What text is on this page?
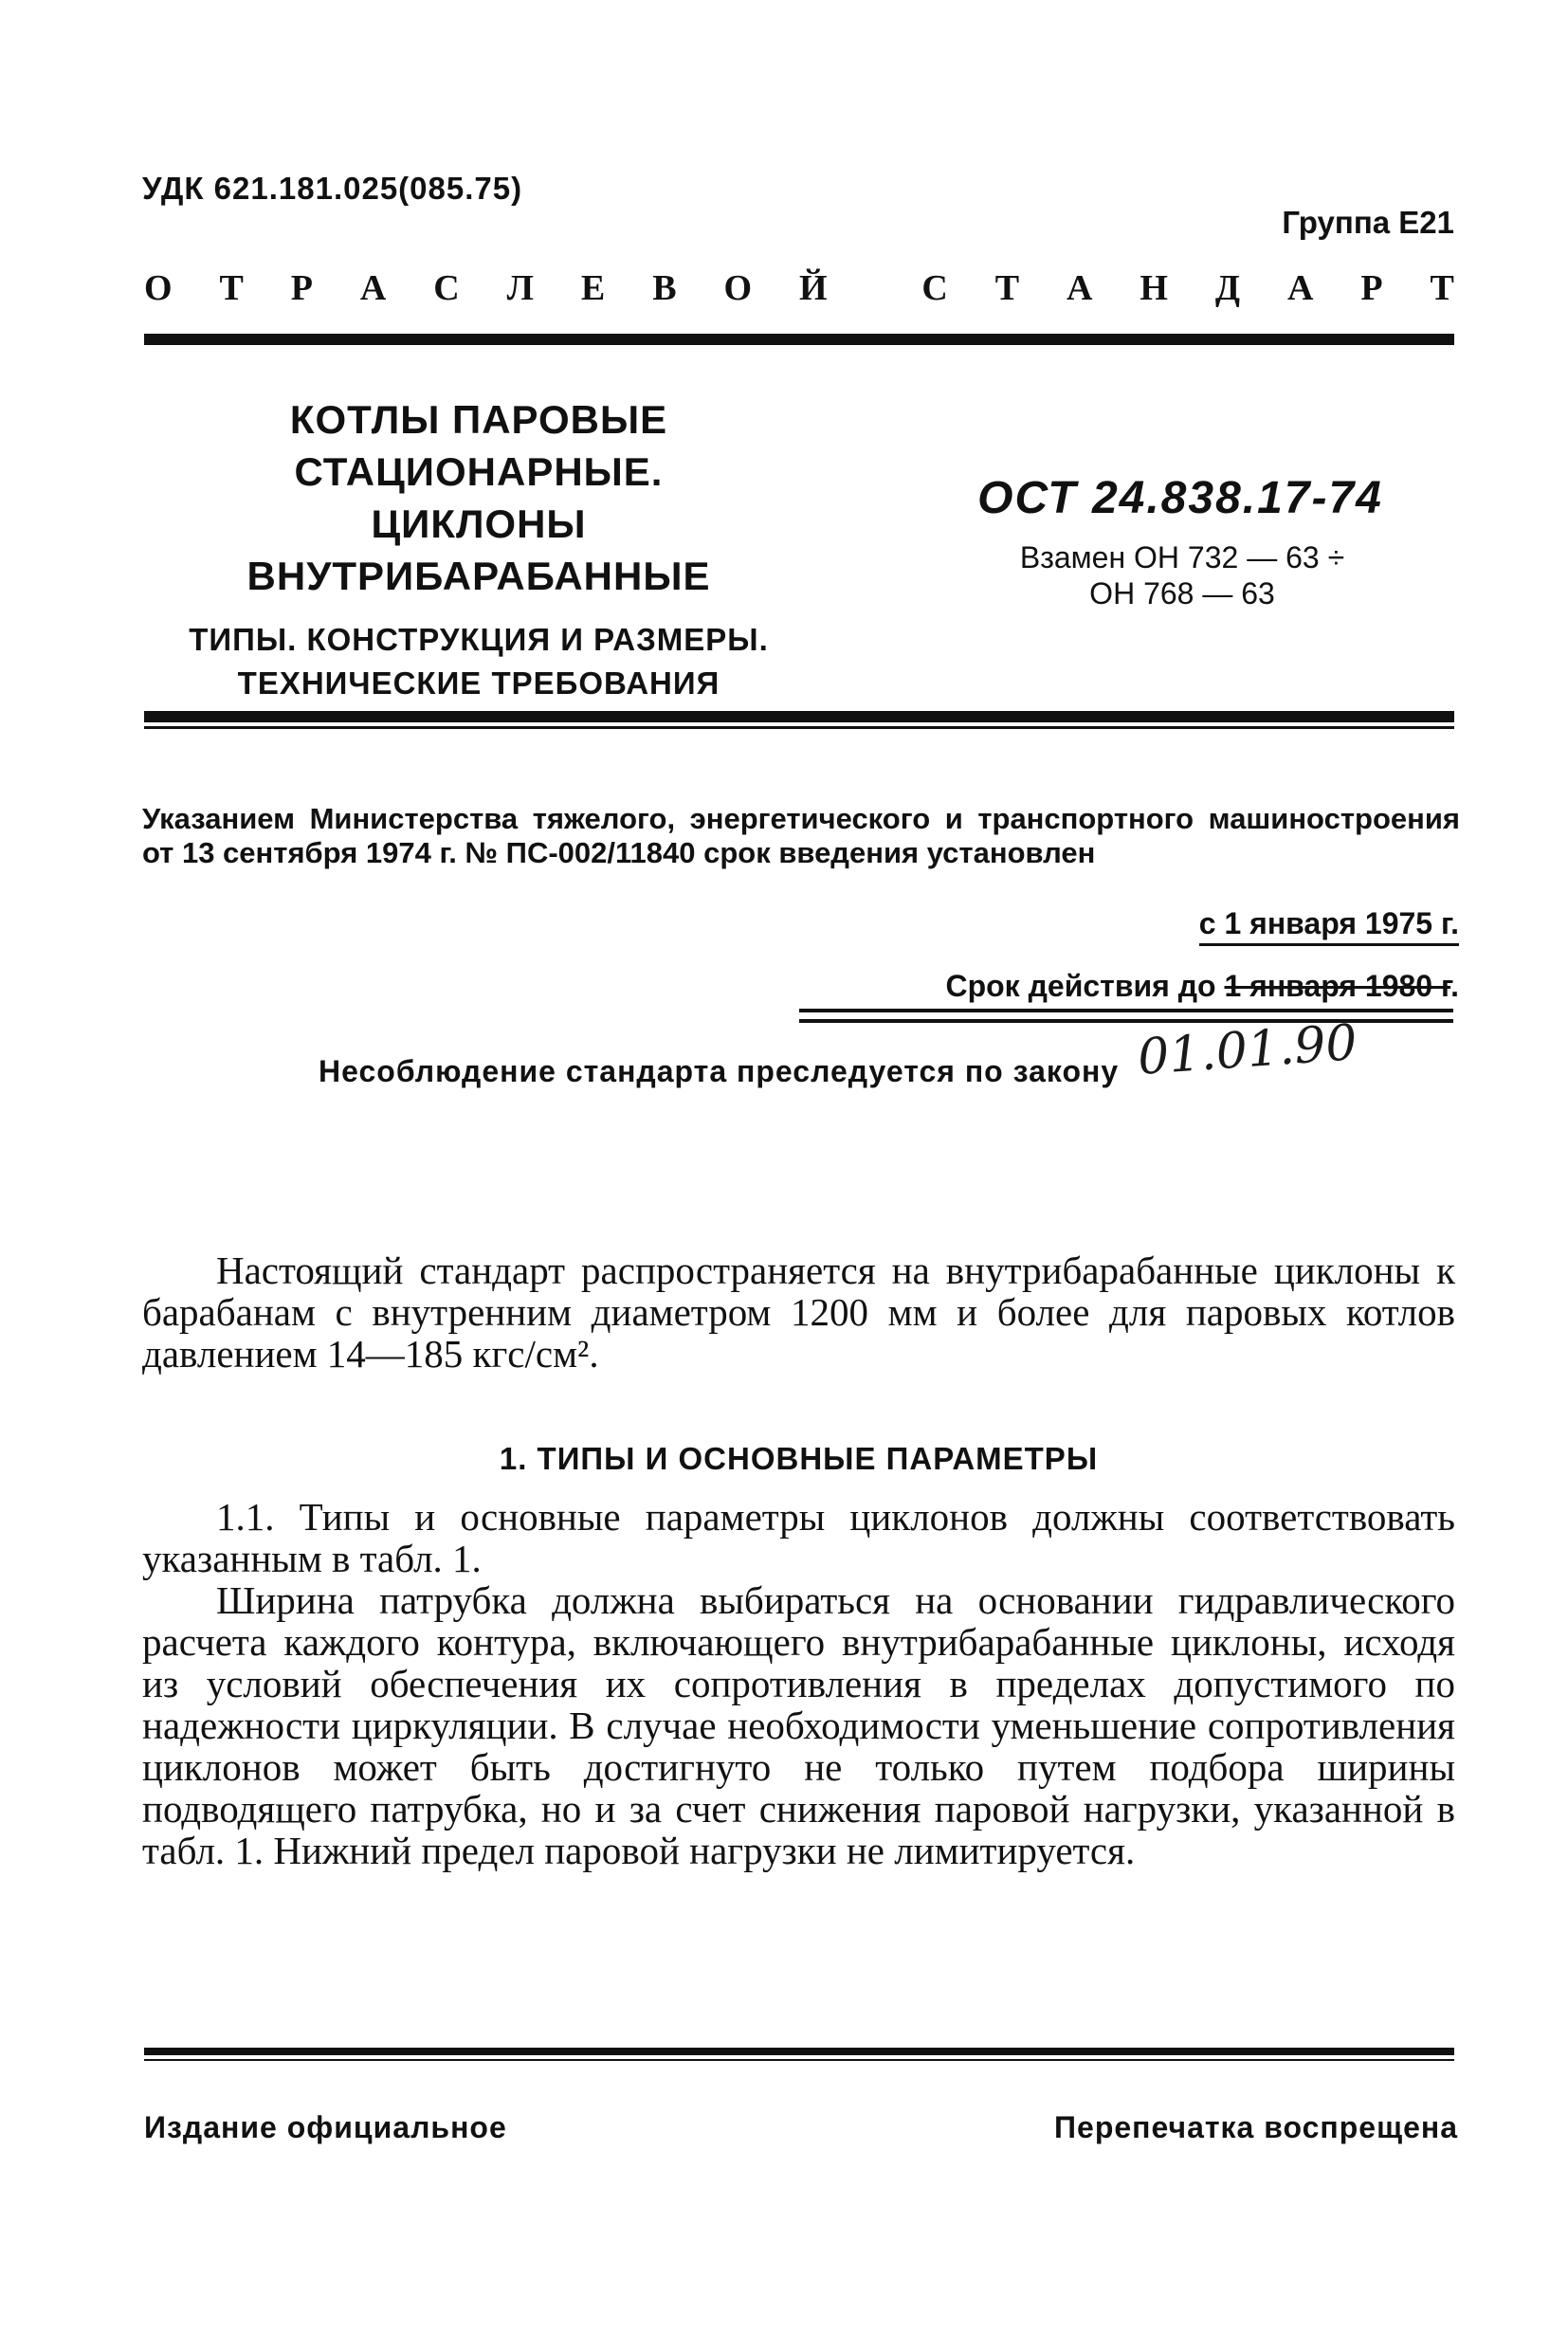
УДК 621.181.025(085.75)
Группа Е21
О Т Р А С Л Е В О Й	С Т А Н Д А Р Т
КОТЛЫ ПАРОВЫЕ
СТАЦИОНАРНЫЕ.
ЦИКЛОНЫ
ВНУТРИБАРАБАННЫЕ
ТИПЫ. КОНСТРУКЦИЯ И РАЗМЕРЫ.
ТЕХНИЧЕСКИЕ ТРЕБОВАНИЯ
ОСТ 24.838.17-74
Взамен ОН 732 — 63 ÷
ОН 768 — 63
Указанием Министерства тяжелого, энергетического и транспортного машиностроения от 13 сентября 1974 г. № ПС-002/11840 срок введения установлен
с 1 января 1975 г.
Срок действия до 1 января 1980 г.
01.01.90
Несоблюдение стандарта преследуется по закону
Настоящий стандарт распространяется на внутрибарабанные циклоны к барабанам с внутренним диаметром 1200 мм и более для паровых котлов давлением 14—185 кгс/см².
1. ТИПЫ И ОСНОВНЫЕ ПАРАМЕТРЫ
1.1. Типы и основные параметры циклонов должны соответствовать указанным в табл. 1.
Ширина патрубка должна выбираться на основании гидравлического расчета каждого контура, включающего внутрибарабанные циклоны, исходя из условий обеспечения их сопротивления в пределах допустимого по надежности циркуляции. В случае необходимости уменьшение сопротивления циклонов может быть достигнуто не только путем подбора ширины подводящего патрубка, но и за счет снижения паровой нагрузки, указанной в табл. 1. Нижний предел паровой нагрузки не лимитируется.
Издание официальное	Перепечатка воспрещена
